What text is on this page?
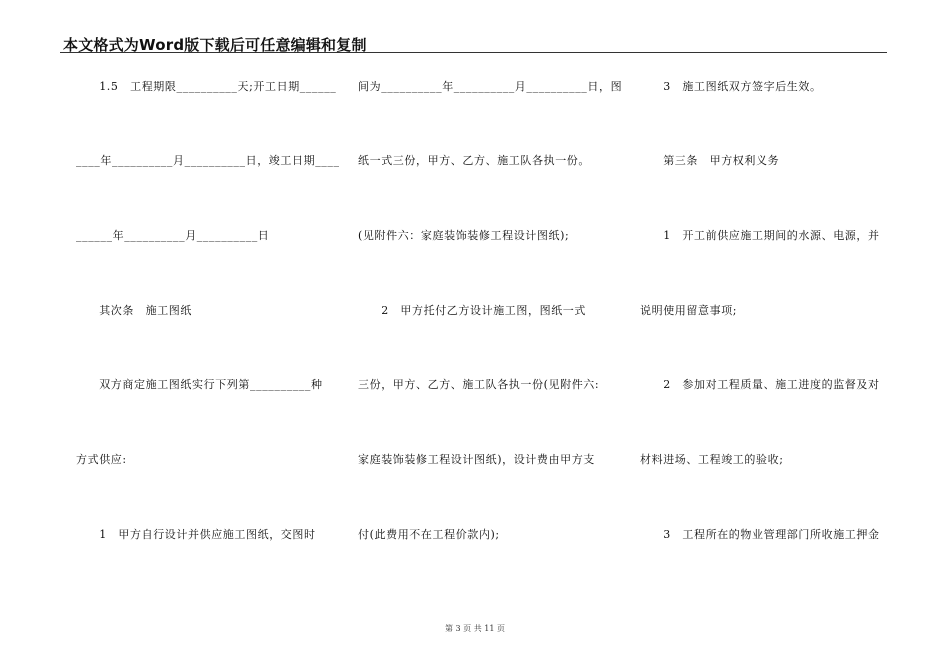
本文格式为Word版下载后可任意编辑和复制
　　1.5　工程期限__________天;开工日期______
____年__________月__________日，竣工日期____
______年__________月__________日
　　其次条　施工图纸
　　双方商定施工图纸实行下列第__________种
方式供应:
　　1　甲方自行设计并供应施工图纸，交图时
间为__________年__________月__________日，图
纸一式三份，甲方、乙方、施工队各执一份。
(见附件六：家庭装饰装修工程设计图纸);
　　2　甲方托付乙方设计施工图，图纸一式
三份，甲方、乙方、施工队各执一份(见附件六:
家庭装饰装修工程设计图纸)，设计费由甲方支
付(此费用不在工程价款内);
　　3　施工图纸双方签字后生效。
　　第三条　甲方权利义务
　　1　开工前供应施工期间的水源、电源，并
说明使用留意事项;
　　2　参加对工程质量、施工进度的监督及对
材料进场、工程竣工的验收;
　　3　工程所在的物业管理部门所收施工押金
第 3 页 共 11 页
